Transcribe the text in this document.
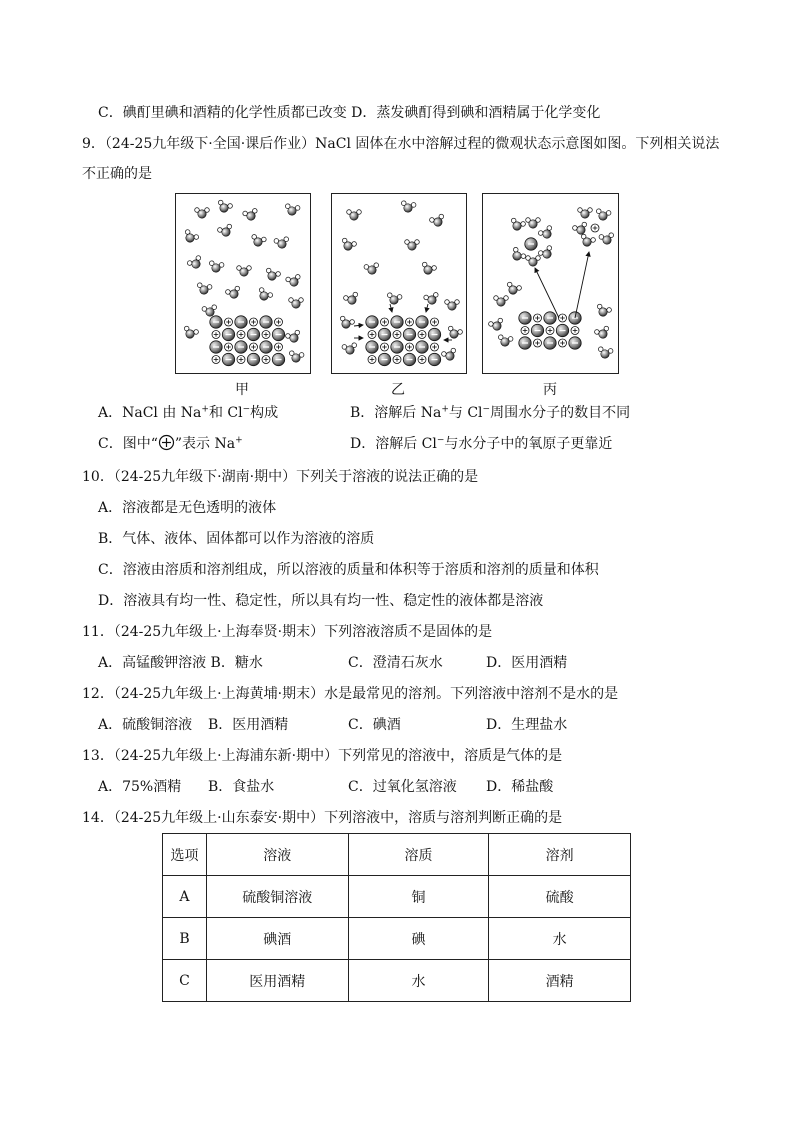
C．碘酊里碘和酒精的化学性质都已改变 D．蒸发碘酊得到碘和酒精属于化学变化
9．（24-25九年级下·全国·课后作业）NaCl 固体在水中溶解过程的微观状态示意图如图。下列相关说法
不正确的是
甲	乙	丙
A．NaCl 由 Na+和 Cl−构成	B．溶解后 Na+与 Cl−周围水分子的数目不同
C．图中“ ”表示 Na+	D．溶解后 Cl−与水分子中的氧原子更靠近
10．（24-25九年级下·湖南·期中）下列关于溶液的说法正确的是
A．溶液都是无色透明的液体
B．气体、液体、固体都可以作为溶液的溶质
C．溶液由溶质和溶剂组成，所以溶液的质量和体积等于溶质和溶剂的质量和体积
D．溶液具有均一性、稳定性，所以具有均一性、稳定性的液体都是溶液
11．（24-25九年级上·上海奉贤·期末）下列溶液溶质不是固体的是
A．高锰酸钾溶液 B．糖水	C．澄清石灰水	D．医用酒精
12．（24-25九年级上·上海黄埔·期末）水是最常见的溶剂。下列溶液中溶剂不是水的是
A．硫酸铜溶液 B．医用酒精	C．碘酒	D．生理盐水
13．（24-25九年级上·上海浦东新·期中）下列常见的溶液中，溶质是气体的是
A．75%酒精 B．食盐水	C．过氧化氢溶液 D．稀盐酸
14．（24-25九年级上·山东泰安·期中）下列溶液中，溶质与溶剂判断正确的是
选项	溶液	溶质	溶剂
A	硫酸铜溶液	铜	硫酸
B	碘酒	碘	水
C	医用酒精	水	酒精
